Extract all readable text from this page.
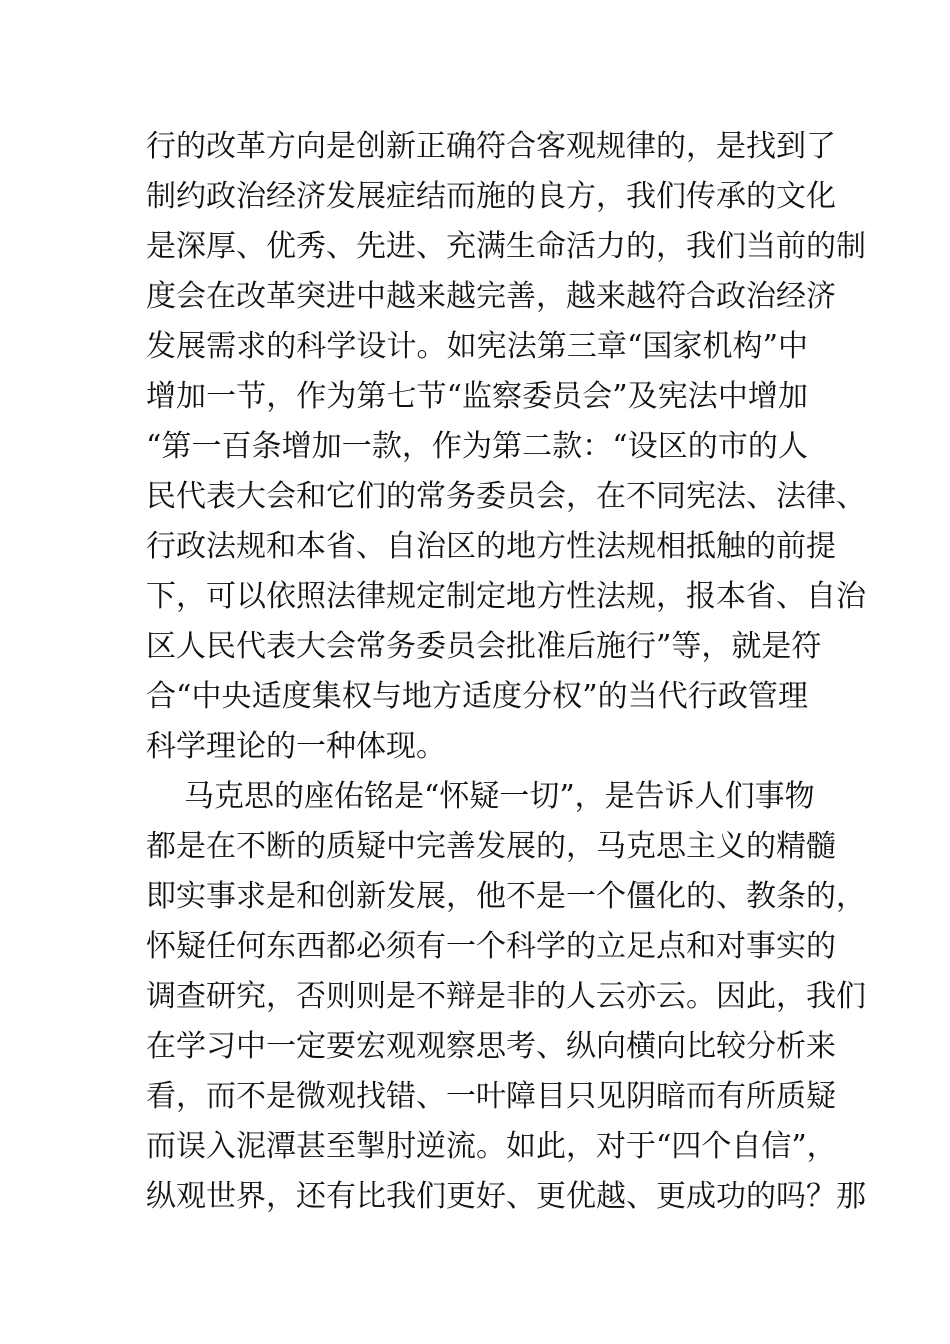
行的改革方向是创新正确符合客观规律的，是找到了
制约政治经济发展症结而施的良方，我们传承的文化
是深厚、优秀、先进、充满生命活力的，我们当前的制
度会在改革突进中越来越完善，越来越符合政治经济
发展需求的科学设计。如宪法第三章“国家机构”中
增加一节，作为第七节“监察委员会”及宪法中增加
“第一百条增加一款，作为第二款：“设区的市的人
民代表大会和它们的常务委员会，在不同宪法、法律、
行政法规和本省、自治区的地方性法规相抵触的前提
下，可以依照法律规定制定地方性法规，报本省、自治
区人民代表大会常务委员会批准后施行”等，就是符
合“中央适度集权与地方适度分权”的当代行政管理
科学理论的一种体现。
马克思的座佑铭是“怀疑一切”，是告诉人们事物
都是在不断的质疑中完善发展的，马克思主义的精髓
即实事求是和创新发展，他不是一个僵化的、教条的，
怀疑任何东西都必须有一个科学的立足点和对事实的
调查研究，否则则是不辩是非的人云亦云。因此，我们
在学习中一定要宏观观察思考、纵向横向比较分析来
看，而不是微观找错、一叶障目只见阴暗而有所质疑
而误入泥潭甚至掣肘逆流。如此，对于“四个自信”，
纵观世界，还有比我们更好、更优越、更成功的吗？那
